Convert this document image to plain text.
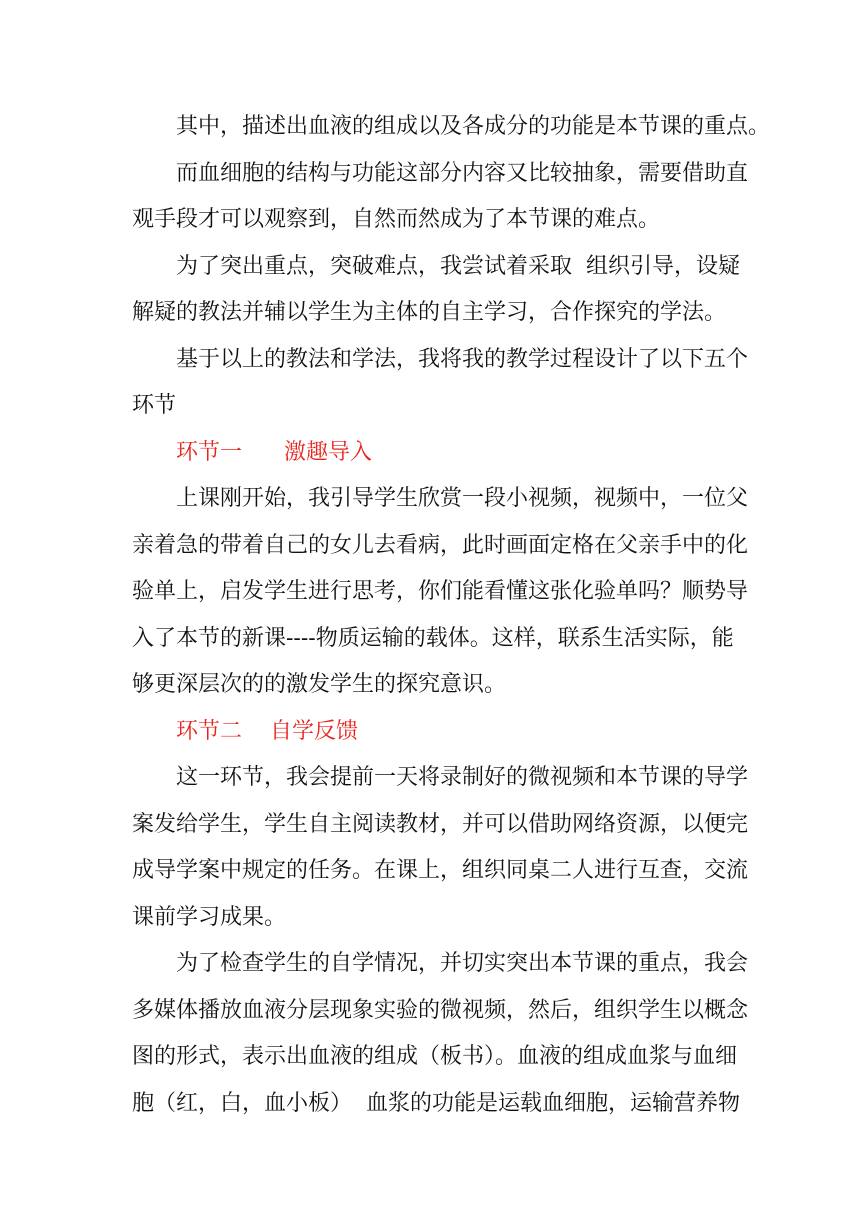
其中，描述出血液的组成以及各成分的功能是本节课的重点。
而血细胞的结构与功能这部分内容又比较抽象，需要借助直
观手段才可以观察到，自然而然成为了本节课的难点。
为了突出重点，突破难点，我尝试着采取  组织引导，设疑
解疑的教法并辅以学生为主体的自主学习，合作探究的学法。
基于以上的教法和学法，我将我的教学过程设计了以下五个
环节
环节一      激趣导入
上课刚开始，我引导学生欣赏一段小视频，视频中，一位父
亲着急的带着自己的女儿去看病，此时画面定格在父亲手中的化
验单上，启发学生进行思考，你们能看懂这张化验单吗？顺势导
入了本节的新课----物质运输的载体。这样，联系生活实际，能
够更深层次的的激发学生的探究意识。
环节二    自学反馈
这一环节，我会提前一天将录制好的微视频和本节课的导学
案发给学生，学生自主阅读教材，并可以借助网络资源，以便完
成导学案中规定的任务。在课上，组织同桌二人进行互查，交流
课前学习成果。
为了检查学生的自学情况，并切实突出本节课的重点，我会
多媒体播放血液分层现象实验的微视频，然后，组织学生以概念
图的形式，表示出血液的组成（板书）。血液的组成血浆与血细
胞（红，白，血小板）  血浆的功能是运载血细胞，运输营养物
